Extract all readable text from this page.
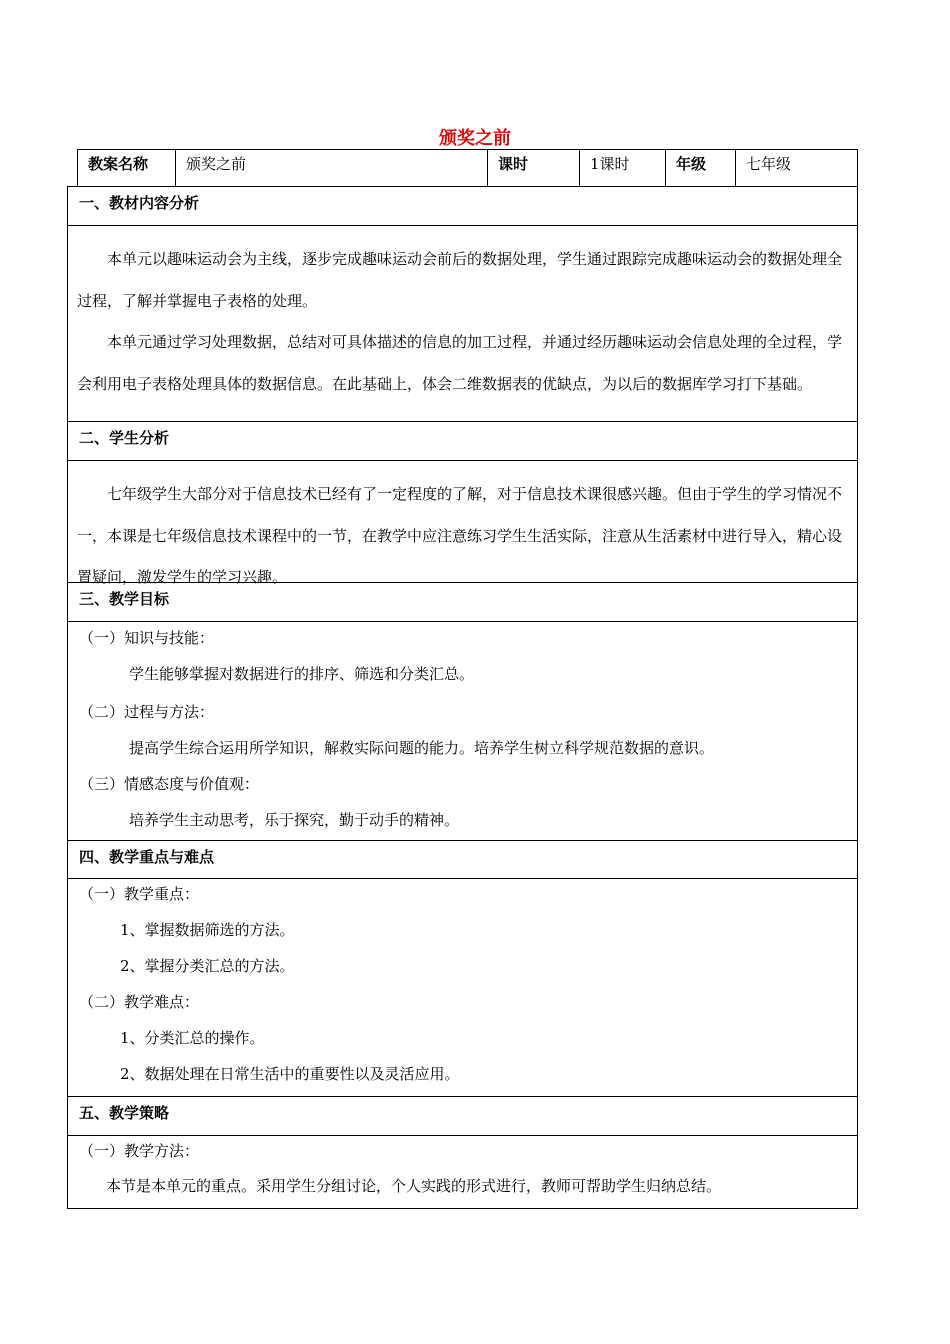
颁奖之前
教案名称	颁奖之前	课时	1课时	年级	七年级
一、教材内容分析

本单元以趣味运动会为主线，逐步完成趣味运动会前后的数据处理，学生通过跟踪完成趣味运动会的数据处理全过程，了解并掌握电子表格的处理。

本单元通过学习处理数据，总结对可具体描述的信息的加工过程，并通过经历趣味运动会信息处理的全过程，学会利用电子表格处理具体的数据信息。在此基础上，体会二维数据表的优缺点，为以后的数据库学习打下基础。

二、学生分析

七年级学生大部分对于信息技术已经有了一定程度的了解，对于信息技术课很感兴趣。但由于学生的学习情况不一，本课是七年级信息技术课程中的一节，在教学中应注意练习学生生活实际，注意从生活素材中进行导入，精心设置疑问，激发学生的学习兴趣。

三、教学目标
（一）知识与技能：
学生能够掌握对数据进行的排序、筛选和分类汇总。
（二）过程与方法：
提高学生综合运用所学知识，解救实际问题的能力。培养学生树立科学规范数据的意识。
（三）情感态度与价值观：
培养学生主动思考，乐于探究，勤于动手的精神。
四、教学重点与难点
（一）教学重点：
1、掌握数据筛选的方法。
2、掌握分类汇总的方法。
（二）教学难点：
1、分类汇总的操作。
2、数据处理在日常生活中的重要性以及灵活应用。
五、教学策略
（一）教学方法：
本节是本单元的重点。采用学生分组讨论，个人实践的形式进行，教师可帮助学生归纳总结。
